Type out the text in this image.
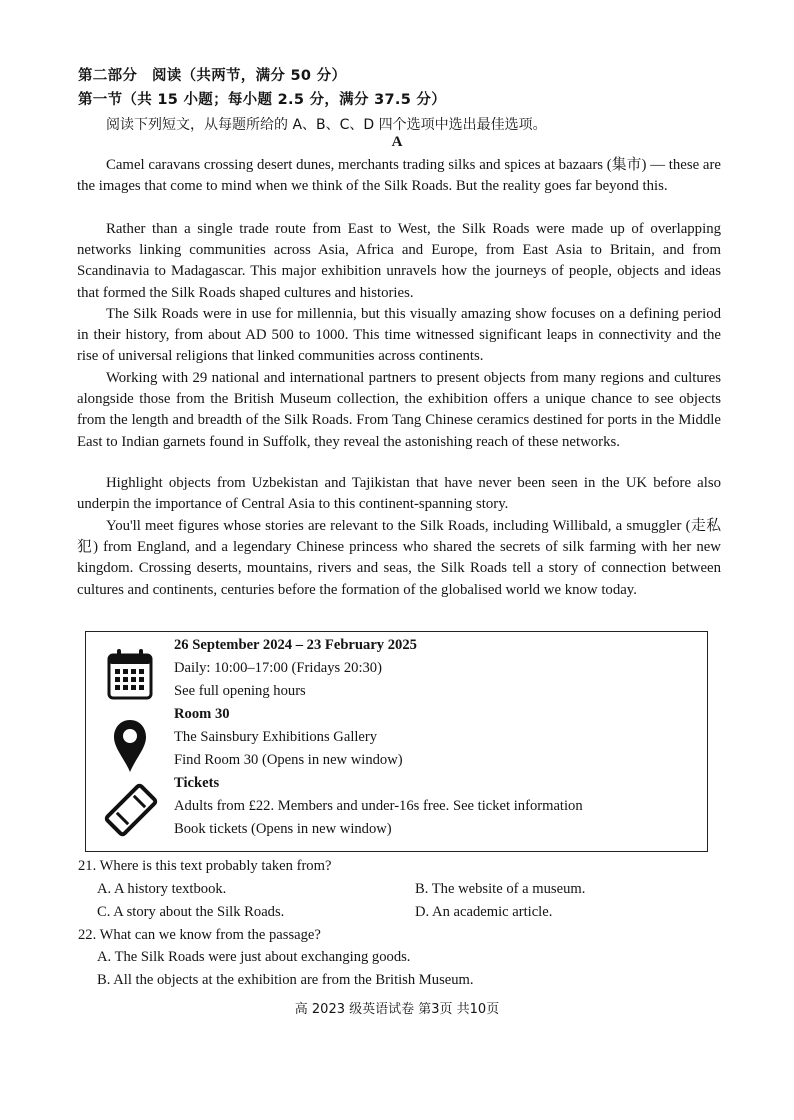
第二部分　阅读（共两节，满分 50 分）
第一节（共 15 小题；每小题 2.5 分，满分 37.5 分）
阅读下列短文，从每题所给的 A、B、C、D 四个选项中选出最佳选项。
A

Camel caravans crossing desert dunes, merchants trading silks and spices at bazaars (集市) — these are the images that come to mind when we think of the Silk Roads. But the reality goes far beyond this.

Rather than a single trade route from East to West, the Silk Roads were made up of overlapping networks linking communities across Asia, Africa and Europe, from East Asia to Britain, and from Scandinavia to Madagascar. This major exhibition unravels how the journeys of people, objects and ideas that formed the Silk Roads shaped cultures and histories.

The Silk Roads were in use for millennia, but this visually amazing show focuses on a defining period in their history, from about AD 500 to 1000. This time witnessed significant leaps in connectivity and the rise of universal religions that linked communities across continents.

Working with 29 national and international partners to present objects from many regions and cultures alongside those from the British Museum collection, the exhibition offers a unique chance to see objects from the length and breadth of the Silk Roads. From Tang Chinese ceramics destined for ports in the Middle East to Indian garnets found in Suffolk, they reveal the astonishing reach of these networks.

Highlight objects from Uzbekistan and Tajikistan that have never been seen in the UK before also underpin the importance of Central Asia to this continent-spanning story.

You'll meet figures whose stories are relevant to the Silk Roads, including Willibald, a smuggler (走私犯) from England, and a legendary Chinese princess who shared the secrets of silk farming with her new kingdom. Crossing deserts, mountains, rivers and seas, the Silk Roads tell a story of connection between cultures and continents, centuries before the formation of the globalised world we know today.

26 September 2024 – 23 February 2025
Daily: 10:00–17:00 (Fridays 20:30)
See full opening hours
Room 30
The Sainsbury Exhibitions Gallery
Find Room 30 (Opens in new window)
Tickets
Adults from £22. Members and under-16s free. See ticket information
Book tickets (Opens in new window)
21. Where is this text probably taken from?
A. A history textbook.	B. The website of a museum.
C. A story about the Silk Roads.	D. An academic article.
22. What can we know from the passage?
A. The Silk Roads were just about exchanging goods.
B. All the objects at the exhibition are from the British Museum.
高 2023 级英语试卷 第3页 共10页
